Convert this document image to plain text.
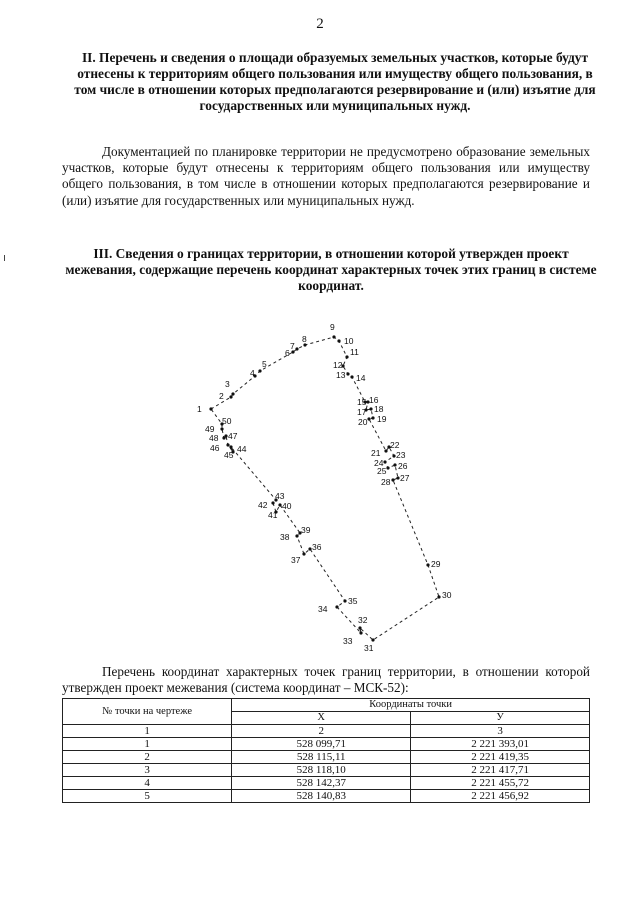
2
II. Перечень и сведения о площади образуемых земельных участков, которые будут отнесены к территориям общего пользования или имуществу общего пользования, в том числе в отношении которых предполагаются резервирование и (или) изъятие для государственных или муниципальных нужд.
Документацией по планировке территории не предусмотрено образование земельных участков, которые будут отнесены к территориям общего пользования или имуществу общего пользования, в том числе в отношении которых предполагаются резервирование и (или) изъятие для государственных или муниципальных нужд.
III. Сведения о границах территории, в отношении которой утвержден проект межевания, содержащие перечень координат характерных точек этих границ в системе координат.
1
2
3
4
5
6
7
8
9
10
11
12
13 14
15 16
17 18
19
20
21
22
23
24
25 26
27
28
29
30
31
32
33
34
35
36
37
38
39
40
41
42
43
44
45
46
47
48
49
50
Перечень координат характерных точек границ территории, в отношении которой утвержден проект межевания (система координат – МСК-52):
№ точки на чертеже	Координаты точки	
	X	У
1	2	3
1	528 099,71	2 221 393,01
2	528 115,11	2 221 419,35
3	528 118,10	2 221 417,71
4	528 142,37	2 221 455,72
5	528 140,83	2 221 456,92
